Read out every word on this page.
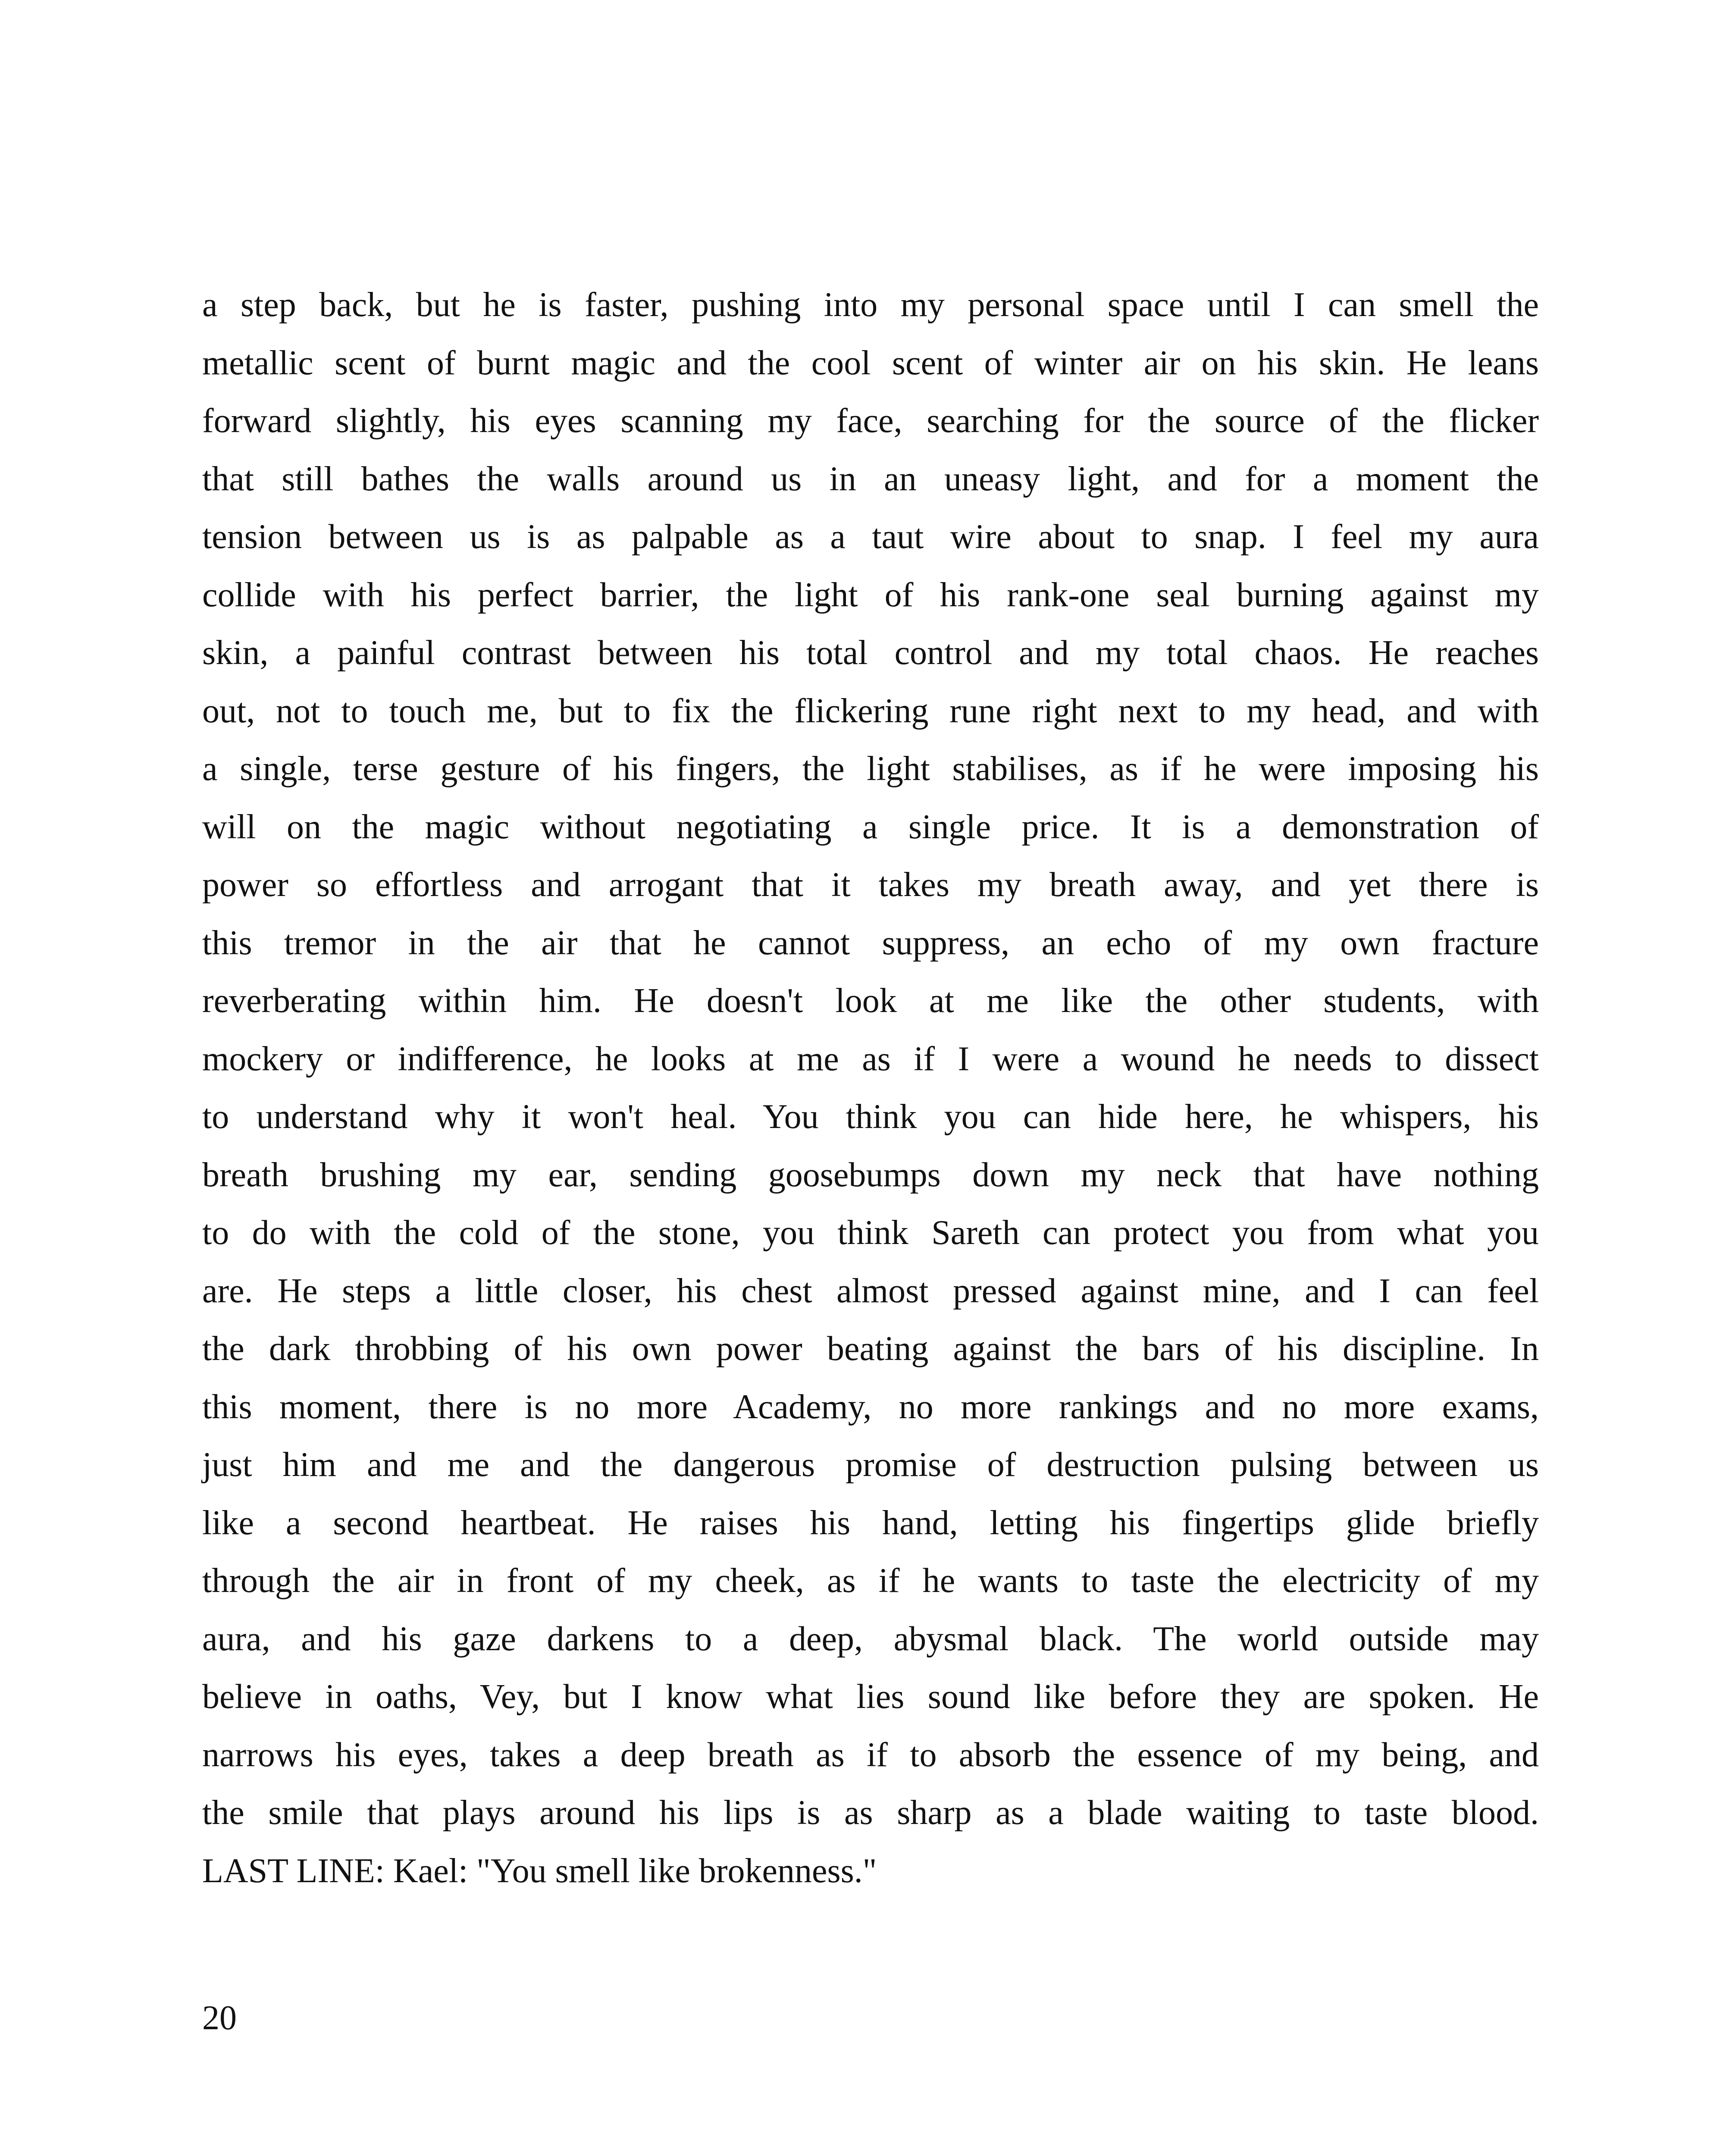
a step back, but he is faster, pushing into my personal space until I can smell the
metallic scent of burnt magic and the cool scent of winter air on his skin. He leans
forward slightly, his eyes scanning my face, searching for the source of the flicker
that still bathes the walls around us in an uneasy light, and for a moment the
tension between us is as palpable as a taut wire about to snap. I feel my aura
collide with his perfect barrier, the light of his rank-one seal burning against my
skin, a painful contrast between his total control and my total chaos. He reaches
out, not to touch me, but to fix the flickering rune right next to my head, and with
a single, terse gesture of his fingers, the light stabilises, as if he were imposing his
will on the magic without negotiating a single price. It is a demonstration of
power so effortless and arrogant that it takes my breath away, and yet there is
this tremor in the air that he cannot suppress, an echo of my own fracture
reverberating within him. He doesn't look at me like the other students, with
mockery or indifference, he looks at me as if I were a wound he needs to dissect
to understand why it won't heal. You think you can hide here, he whispers, his
breath brushing my ear, sending goosebumps down my neck that have nothing
to do with the cold of the stone, you think Sareth can protect you from what you
are. He steps a little closer, his chest almost pressed against mine, and I can feel
the dark throbbing of his own power beating against the bars of his discipline. In
this moment, there is no more Academy, no more rankings and no more exams,
just him and me and the dangerous promise of destruction pulsing between us
like a second heartbeat. He raises his hand, letting his fingertips glide briefly
through the air in front of my cheek, as if he wants to taste the electricity of my
aura, and his gaze darkens to a deep, abysmal black. The world outside may
believe in oaths, Vey, but I know what lies sound like before they are spoken. He
narrows his eyes, takes a deep breath as if to absorb the essence of my being, and
the smile that plays around his lips is as sharp as a blade waiting to taste blood.
LAST LINE: Kael: "You smell like brokenness."
20
